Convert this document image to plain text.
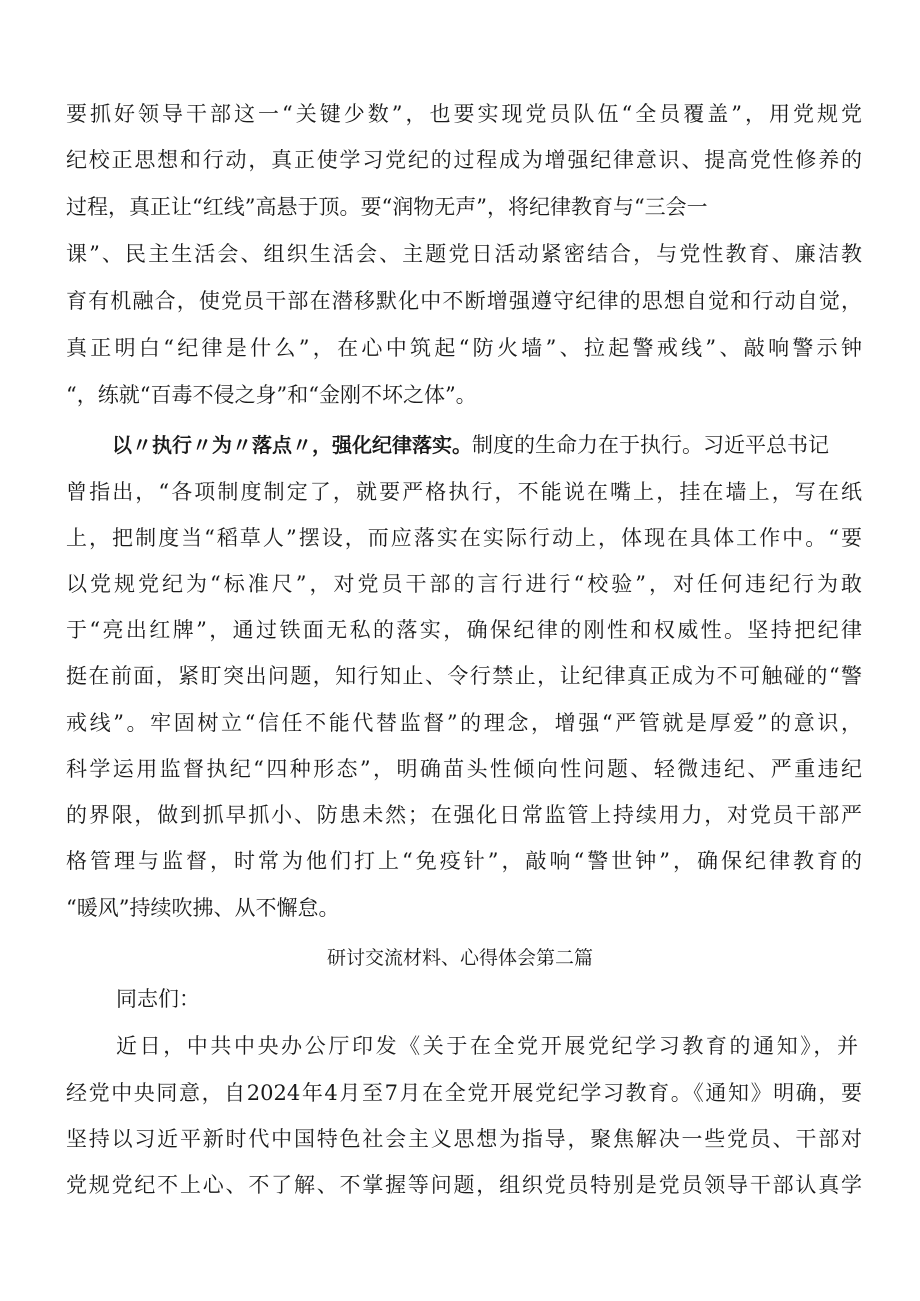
要抓好领导干部这一“关键少数”，也要实现党员队伍“全员覆盖”，用党规党
纪校正思想和行动，真正使学习党纪的过程成为增强纪律意识、提高党性修养的
过程，真正让“红线”高悬于顶。要“润物无声”，将纪律教育与“三会一
课”、民主生活会、组织生活会、主题党日活动紧密结合，与党性教育、廉洁教
育有机融合，使党员干部在潜移默化中不断增强遵守纪律的思想自觉和行动自觉，
真正明白“纪律是什么”，在心中筑起“防火墙”、拉起警戒线”、敲响警示钟
“，练就“百毒不侵之身”和“金刚不坏之体”。
以〃执行〃为〃落点〃，强化纪律落实。制度的生命力在于执行。习近平总书记
曾指出，“各项制度制定了，就要严格执行，不能说在嘴上，挂在墙上，写在纸
上，把制度当“稻草人”摆设，而应落实在实际行动上，体现在具体工作中。“要
以党规党纪为“标准尺”，对党员干部的言行进行“校验”，对任何违纪行为敢
于“亮出红牌”，通过铁面无私的落实，确保纪律的刚性和权威性。坚持把纪律
挺在前面，紧盯突出问题，知行知止、令行禁止，让纪律真正成为不可触碰的“警
戒线”。牢固树立“信任不能代替监督”的理念，增强“严管就是厚爱”的意识，
科学运用监督执纪“四种形态”，明确苗头性倾向性问题、轻微违纪、严重违纪
的界限，做到抓早抓小、防患未然；在强化日常监管上持续用力，对党员干部严
格管理与监督，时常为他们打上“免疫针”，敲响“警世钟”，确保纪律教育的
“暖风”持续吹拂、从不懈怠。
研讨交流材料、心得体会第二篇
同志们：
近日，中共中央办公厅印发《关于在全党开展党纪学习教育的通知》，并
经党中央同意，自2024年4月至7月在全党开展党纪学习教育。《通知》明确，要
坚持以习近平新时代中国特色社会主义思想为指导，聚焦解决一些党员、干部对
党规党纪不上心、不了解、不掌握等问题，组织党员特别是党员领导干部认真学
